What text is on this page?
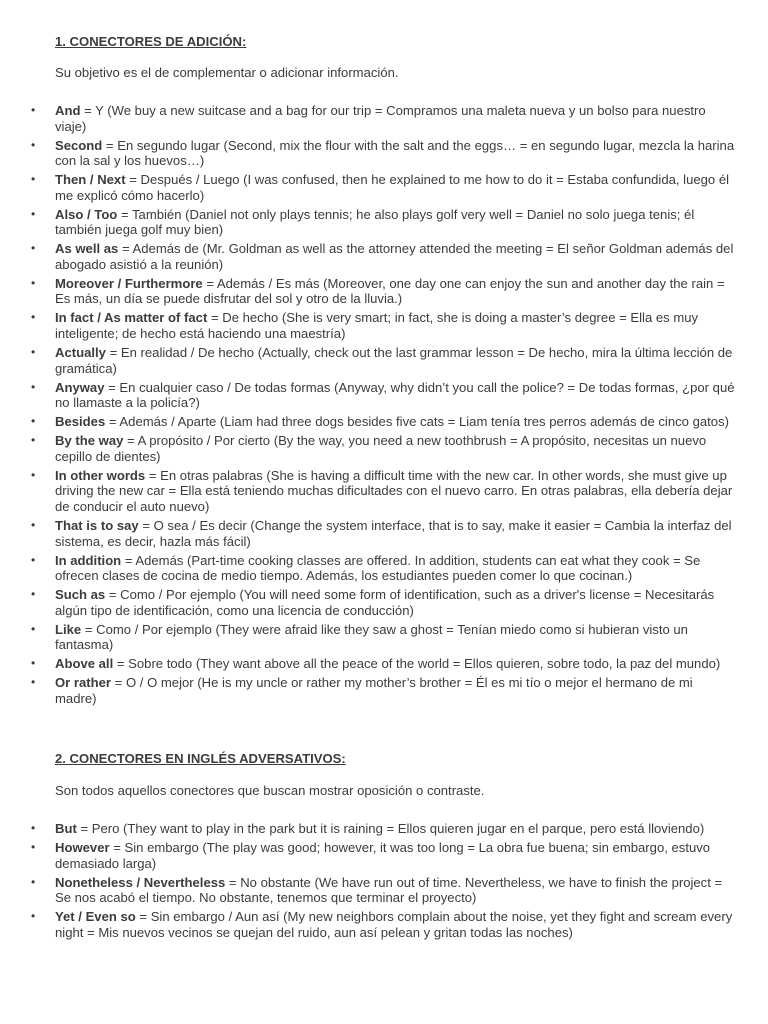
1. CONECTORES DE ADICIÓN:

Su objetivo es el de complementar o adicionar información.

• And = Y (We buy a new suitcase and a bag for our trip = Compramos una maleta nueva y un bolso para nuestro viaje)
• Second = En segundo lugar (Second, mix the flour with the salt and the eggs… = en segundo lugar, mezcla la harina con la sal y los huevos…)
• Then / Next = Después / Luego (I was confused, then he explained to me how to do it = Estaba confundida, luego él me explicó cómo hacerlo)
• Also / Too = También (Daniel not only plays tennis; he also plays golf very well = Daniel no solo juega tenis; él también juega golf muy bien)
• As well as = Además de (Mr. Goldman as well as the attorney attended the meeting = El señor Goldman además del abogado asistió a la reunión)
• Moreover / Furthermore = Además / Es más (Moreover, one day one can enjoy the sun and another day the rain = Es más, un día se puede disfrutar del sol y otro de la lluvia.)
• In fact / As matter of fact = De hecho (She is very smart; in fact, she is doing a master’s degree = Ella es muy inteligente; de hecho está haciendo una maestría)
• Actually = En realidad / De hecho (Actually, check out the last grammar lesson = De hecho, mira la última lección de gramática)
• Anyway = En cualquier caso / De todas formas (Anyway, why didn’t you call the police? = De todas formas, ¿por qué no llamaste a la policía?)
• Besides = Además / Aparte (Liam had three dogs besides five cats = Liam tenía tres perros además de cinco gatos)
• By the way = A propósito / Por cierto (By the way, you need a new toothbrush = A propósito, necesitas un nuevo cepillo de dientes)
• In other words = En otras palabras (She is having a difficult time with the new car. In other words, she must give up driving the new car = Ella está teniendo muchas dificultades con el nuevo carro. En otras palabras, ella debería dejar de conducir el auto nuevo)
• That is to say = O sea / Es decir (Change the system interface, that is to say, make it easier = Cambia la interfaz del sistema, es decir, hazla más fácil)
• In addition = Además (Part-time cooking classes are offered. In addition, students can eat what they cook = Se ofrecen clases de cocina de medio tiempo. Además, los estudiantes pueden comer lo que cocinan.)
• Such as = Como / Por ejemplo (You will need some form of identification, such as a driver's license = Necesitarás algún tipo de identificación, como una licencia de conducción)
• Like = Como / Por ejemplo (They were afraid like they saw a ghost = Tenían miedo como si hubieran visto un fantasma)
• Above all = Sobre todo (They want above all the peace of the world = Ellos quieren, sobre todo, la paz del mundo)
• Or rather = O / O mejor (He is my uncle or rather my mother’s brother = Él es mi tío o mejor el hermano de mi madre)
2. CONECTORES EN INGLÉS ADVERSATIVOS:

Son todos aquellos conectores que buscan mostrar oposición o contraste.

• But = Pero (They want to play in the park but it is raining = Ellos quieren jugar en el parque, pero está lloviendo)
• However = Sin embargo (The play was good; however, it was too long = La obra fue buena; sin embargo, estuvo demasiado larga)
• Nonetheless / Nevertheless = No obstante (We have run out of time. Nevertheless, we have to finish the project = Se nos acabó el tiempo. No obstante, tenemos que terminar el proyecto)
• Yet / Even so = Sin embargo / Aun así (My new neighbors complain about the noise, yet they fight and scream every night = Mis nuevos vecinos se quejan del ruido, aun así pelean y gritan todas las noches)
